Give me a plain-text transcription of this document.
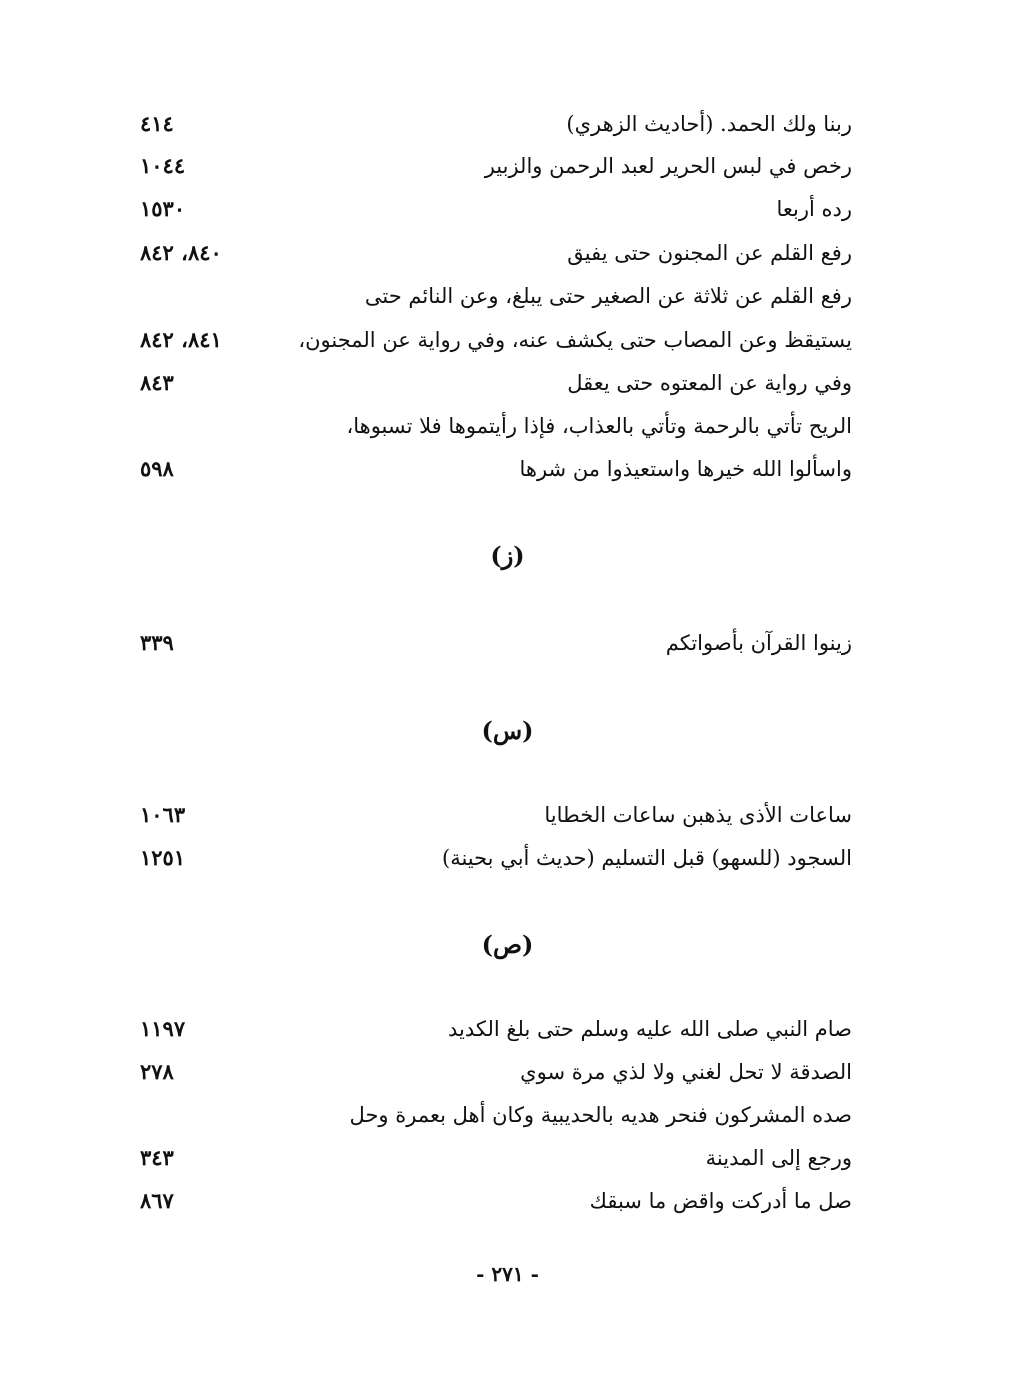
ربنا ولك الحمد. (أحاديث الزهري)
٤١٤
رخص في لبس الحرير لعبد الرحمن والزبير
١٠٤٤
رده أربعا
١٥٣٠
رفع القلم عن المجنون حتى يفيق
٨٤٠، ٨٤٢
رفع القلم عن ثلاثة عن الصغير حتى يبلغ، وعن النائم حتى
يستيقظ وعن المصاب حتى يكشف عنه، وفي رواية عن المجنون،
٨٤١، ٨٤٢
وفي رواية عن المعتوه حتى يعقل
٨٤٣
الريح تأتي بالرحمة وتأتي بالعذاب، فإذا رأيتموها فلا تسبوها،
واسألوا الله خيرها واستعيذوا من شرها
٥٩٨
(ز)
زينوا القرآن بأصواتكم
٣٣٩
(س)
ساعات الأذى يذهبن ساعات الخطايا
١٠٦٣
السجود (للسهو) قبل التسليم (حديث أبي بحينة)
١٢٥١
(ص)
صام النبي صلى الله عليه وسلم حتى بلغ الكديد
١١٩٧
الصدقة لا تحل لغني ولا لذي مرة سوي
٢٧٨
صده المشركون فنحر هديه بالحديبية وكان أهل بعمرة وحل
ورجع إلى المدينة
٣٤٣
صل ما أدركت واقض ما سبقك
٨٦٧
- ٢٧١ -
